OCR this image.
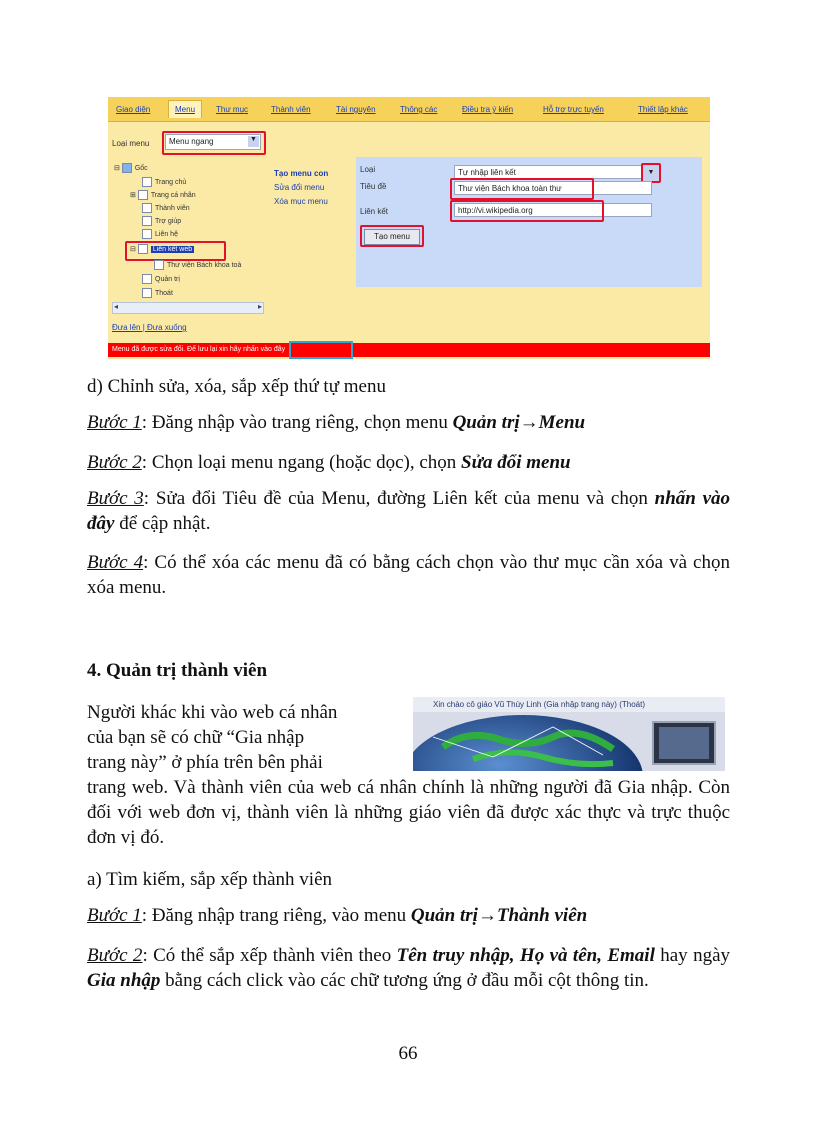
Giao diện	Menu	Thư mục	Thành viên	Tài nguyên	Thông các	Điều tra ý kiến	Hỗ trợ trực tuyến	Thiết lập khác
Loại menu	Menu ngang	▼
⊟ Gốc
Trang chủ
⊞ Trang cá nhân
Thành viên
Trợ giúp
Liên hệ
⊟ Liên kết web
Thư viện Bách khoa toà
Quản trị
Thoát
◂	▸
Đưa lên | Đưa xuống
Tạo menu con
Sửa đổi menu
Xóa mục menu
Loại	Tự nhập liên kết	▼
Tiêu đề	Thư viện Bách khoa toàn thư
Liên kết	http://vi.wikipedia.org
Tạo menu
Menu đã được sửa đổi. Để lưu lại xin hãy nhấn vào đây
d) Chỉnh sửa, xóa, sắp xếp thứ tự menu
Bước 1: Đăng nhập vào trang riêng, chọn menu Quản trị→Menu
Bước 2: Chọn loại menu ngang (hoặc dọc), chọn Sửa đổi menu
Bước 3: Sửa đổi Tiêu đề của Menu, đường Liên kết của menu và chọn nhấn vào đây để cập nhật.
Bước 4: Có thể xóa các menu đã có bằng cách chọn vào thư mục cần xóa và chọn xóa menu.
4. Quản trị thành viên
Người khác khi vào web cá nhân
của bạn sẽ có chữ “Gia nhập
trang này” ở phía trên bên phải
Xin chào cô giáo Vũ Thùy Linh (Gia nhập trang này) (Thoát)
trang web. Và thành viên của web cá nhân chính là những người đã Gia nhập. Còn đối với web đơn vị, thành viên là những giáo viên đã được xác thực và trực thuộc đơn vị đó.
a) Tìm kiếm, sắp xếp thành viên
Bước 1: Đăng nhập trang riêng, vào menu Quản trị→Thành viên
Bước 2: Có thể sắp xếp thành viên theo Tên truy nhập, Họ và tên, Email hay ngày Gia nhập bằng cách click vào các chữ tương ứng ở đầu mỗi cột thông tin.
66
